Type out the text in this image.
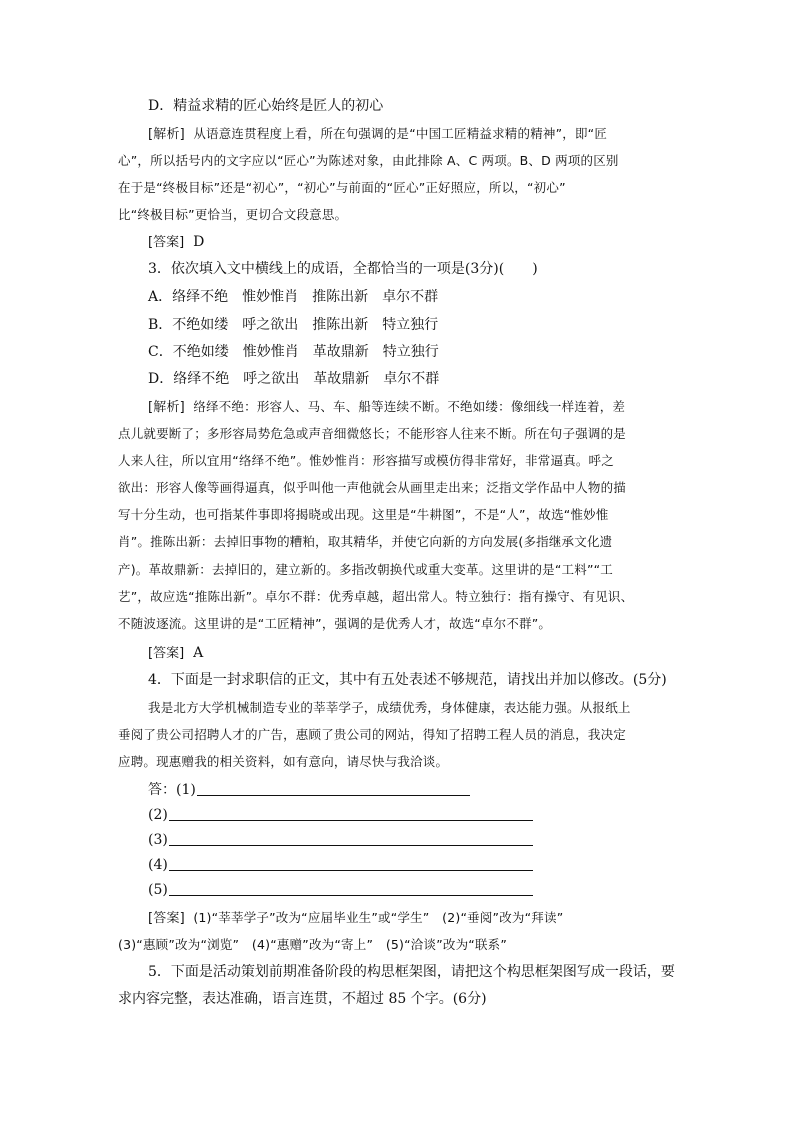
D．精益求精的匠心始终是匠人的初心
[解析] 从语意连贯程度上看，所在句强调的是“中国工匠精益求精的精神”，即“匠
心”，所以括号内的文字应以“匠心”为陈述对象，由此排除 A、C 两项。B、D 两项的区别
在于是“终极目标”还是“初心”，“初心”与前面的“匠心”正好照应，所以，“初心”
比“终极目标”更恰当，更切合文段意思。
[答案] D
3．依次填入文中横线上的成语，全都恰当的一项是(3分)(　　)
A．络绎不绝　惟妙惟肖　推陈出新　卓尔不群
B．不绝如缕　呼之欲出　推陈出新　特立独行
C．不绝如缕　惟妙惟肖　革故鼎新　特立独行
D．络绎不绝　呼之欲出　革故鼎新　卓尔不群
[解析] 络绎不绝：形容人、马、车、船等连续不断。不绝如缕：像细线一样连着，差
点儿就要断了；多形容局势危急或声音细微悠长；不能形容人往来不断。所在句子强调的是
人来人往，所以宜用“络绎不绝”。惟妙惟肖：形容描写或模仿得非常好，非常逼真。呼之
欲出：形容人像等画得逼真，似乎叫他一声他就会从画里走出来；泛指文学作品中人物的描
写十分生动，也可指某件事即将揭晓或出现。这里是“牛耕图”，不是“人”，故选“惟妙惟
肖”。推陈出新：去掉旧事物的糟粕，取其精华，并使它向新的方向发展(多指继承文化遗
产)。革故鼎新：去掉旧的，建立新的。多指改朝换代或重大变革。这里讲的是“工料”“工
艺”，故应选“推陈出新”。卓尔不群：优秀卓越，超出常人。特立独行：指有操守、有见识、
不随波逐流。这里讲的是“工匠精神”，强调的是优秀人才，故选“卓尔不群”。
[答案] A
4．下面是一封求职信的正文，其中有五处表述不够规范，请找出并加以修改。(5分)
我是北方大学机械制造专业的莘莘学子，成绩优秀，身体健康，表达能力强。从报纸上
垂阅了贵公司招聘人才的广告，惠顾了贵公司的网站，得知了招聘工程人员的消息，我决定
应聘。现惠赠我的相关资料，如有意向，请尽快与我洽谈。
答：(1)
(2)
(3)
(4)
(5)
[答案] (1)“莘莘学子”改为“应届毕业生”或“学生”　(2)“垂阅”改为“拜读”
(3)“惠顾”改为“浏览”　(4)“惠赠”改为“寄上”　(5)“洽谈”改为“联系”
5．下面是活动策划前期准备阶段的构思框架图，请把这个构思框架图写成一段话，要
求内容完整，表达准确，语言连贯，不超过 85 个字。(6分)
